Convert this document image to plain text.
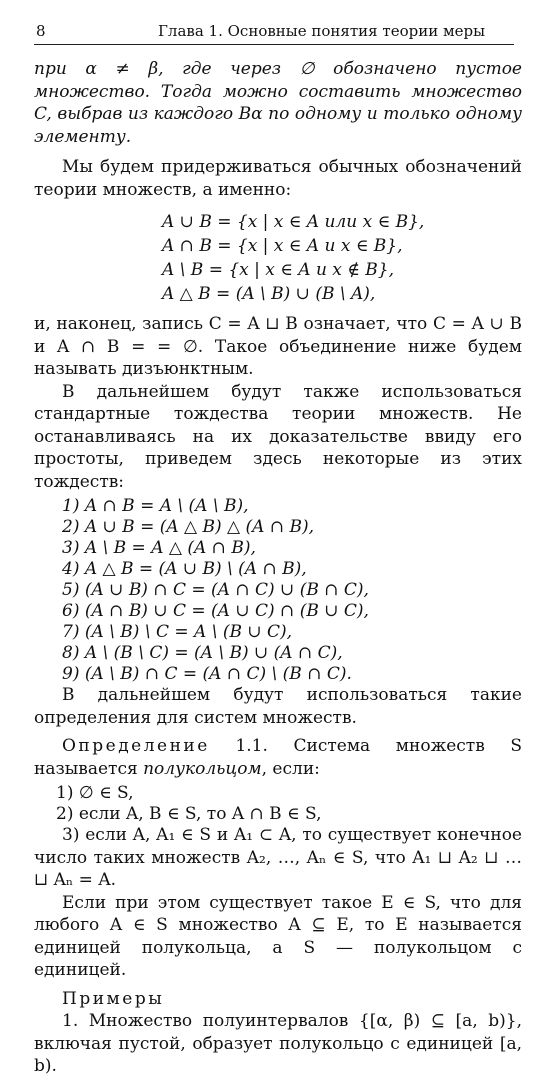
8	Глава 1. Основные понятия теории меры

при α ≠ β, где через ∅ обозначено пустое множество. Тогда можно составить множество C, выбрав из каждого Bα по одному и только одному элементу.

Мы будем придерживаться обычных обозначений теории множеств, а именно:

A ∪ B = {x | x ∈ A или x ∈ B},
A ∩ B = {x | x ∈ A и x ∈ B},
A \ B = {x | x ∈ A и x ∉ B},
A △ B = (A \ B) ∪ (B \ A),

и, наконец, запись C = A ⊔ B означает, что C = A ∪ B и A ∩ B = = ∅. Такое объединение ниже будем называть дизъюнктным.

В дальнейшем будут также использоваться стандартные тождества теории множеств. Не останавливаясь на их доказательстве ввиду его простоты, приведем здесь некоторые из этих тождеств:

1) A ∩ B = A \ (A \ B),
2) A ∪ B = (A △ B) △ (A ∩ B),
3) A \ B = A △ (A ∩ B),
4) A △ B = (A ∪ B) \ (A ∩ B),
5) (A ∪ B) ∩ C = (A ∩ C) ∪ (B ∩ C),
6) (A ∩ B) ∪ C = (A ∪ C) ∩ (B ∪ C),
7) (A \ B) \ C = A \ (B ∪ C),
8) A \ (B \ C) = (A \ B) ∪ (A ∩ C),
9) (A \ B) ∩ C = (A ∩ C) \ (B ∩ C).

В дальнейшем будут использоваться такие определения для систем множеств.

Определение 1.1. Система множеств S называется полукольцом, если:

1) ∅ ∈ S,
2) если A, B ∈ S, то A ∩ B ∈ S,

3) если A, A₁ ∈ S и A₁ ⊂ A, то существует конечное число таких множеств A₂, …, Aₙ ∈ S, что A₁ ⊔ A₂ ⊔ … ⊔ Aₙ = A.

Если при этом существует такое E ∈ S, что для любого A ∈ S множество A ⊆ E, то E называется единицей полукольца, а S — полукольцом с единицей.

Примеры

1. Множество полуинтервалов {[α, β) ⊆ [a, b)}, включая пустой, образует полукольцо с единицей [a, b).
